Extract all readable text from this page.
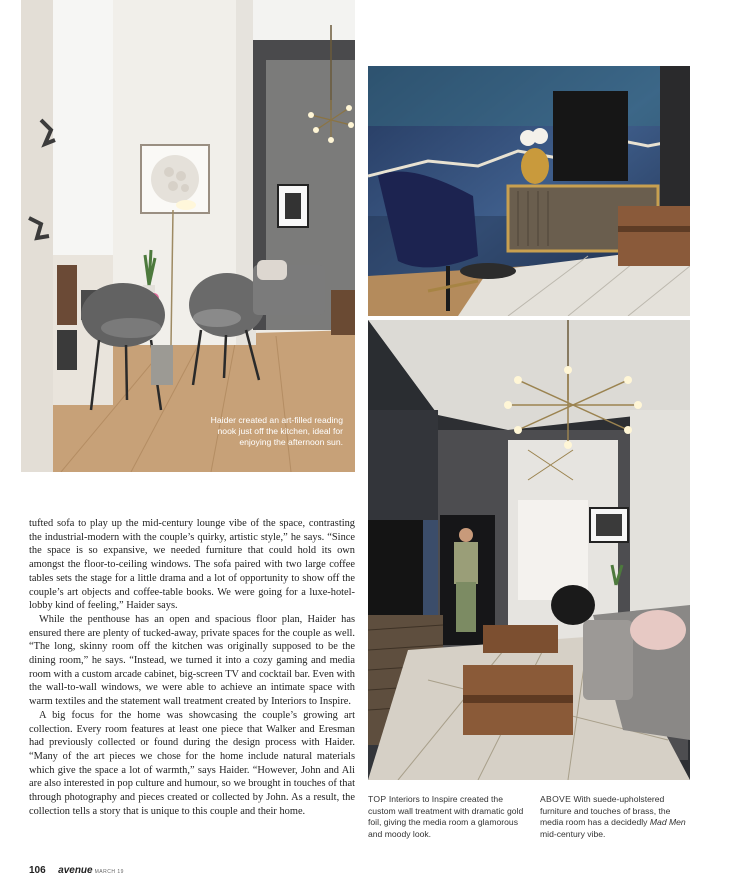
Haider created an art-filled reading nook just off the kitchen, ideal for enjoying the afternoon sun.

tufted sofa to play up the mid-century lounge vibe of the space, contrasting the industrial-modern with the couple’s quirky, artistic style,” he says. “Since the space is so expansive, we needed furniture that could hold its own amongst the floor-to-ceiling windows. The sofa paired with two large coffee tables sets the stage for a little drama and a lot of opportunity to show off the couple’s art objects and coffee-table books. We were going for a luxe-hotel-lobby kind of feeling,” Haider says.

While the penthouse has an open and spacious floor plan, Haider has ensured there are plenty of tucked-away, private spaces for the couple as well. “The long, skinny room off the kitchen was originally supposed to be the dining room,” he says. “Instead, we turned it into a cozy gaming and media room with a custom arcade cabinet, big-screen TV and cocktail bar. Even with the wall-to-wall windows, we were able to achieve an intimate space with warm textiles and the statement wall treatment created by Interiors to Inspire.

A big focus for the home was showcasing the couple’s growing art collection. Every room features at least one piece that Walker and Eresman had previously collected or found during the design process with Haider. “Many of the art pieces we chose for the home include natural materials which give the space a lot of warmth,” says Haider. “However, John and Ali are also interested in pop culture and humour, so we brought in touches of that through photography and pieces created or collected by John. As a result, the collection tells a story that is unique to this couple and their home.

TOP Interiors to Inspire created the custom wall treatment with dramatic gold foil, giving the media room a glamorous and moody look.
ABOVE With suede-upholstered furniture and touches of brass, the media room has a decidedly Mad Men mid-century vibe.
106 avenue MARCH 19
